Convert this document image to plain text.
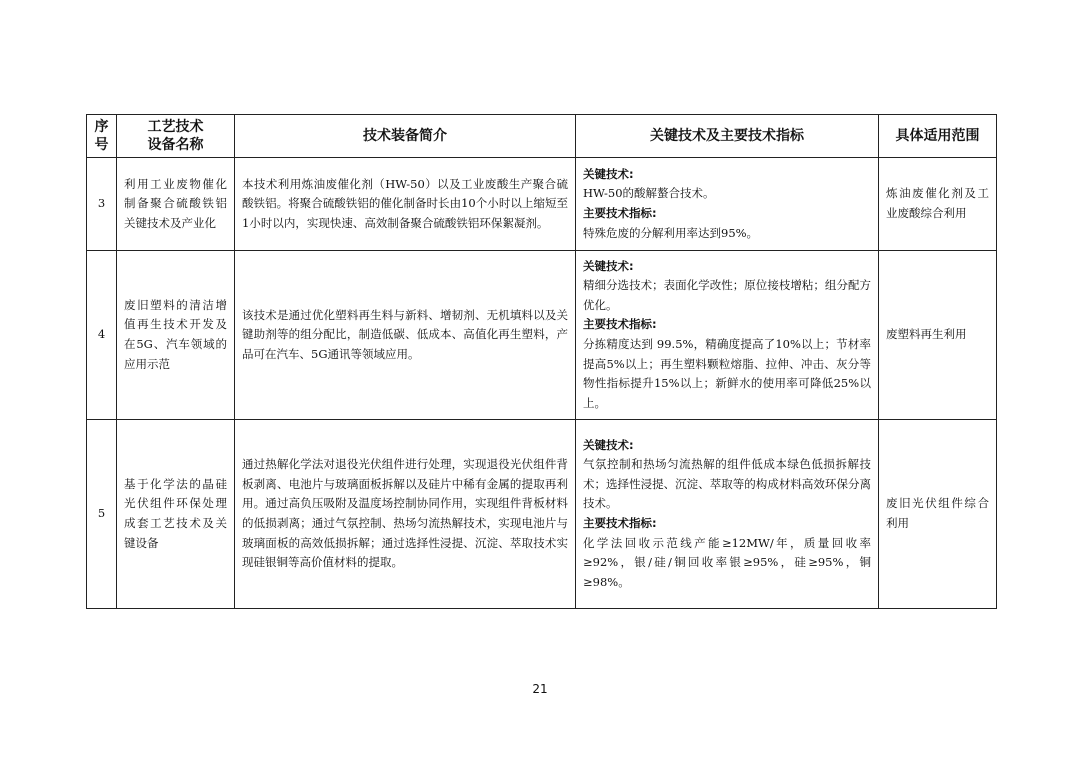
序
号	工艺技术
设备名称	技术装备简介	关键技术及主要技术指标	具体适用范围
3	利用工业废物催化制备聚合硫酸铁铝关键技术及产业化	本技术利用炼油废催化剂（HW-50）以及工业废酸生产聚合硫酸铁铝。将聚合硫酸铁铝的催化制备时长由10个小时以上缩短至1小时以内，实现快速、高效制备聚合硫酸铁铝环保絮凝剂。	关键技术:
HW-50的酸解螯合技术。
主要技术指标:
特殊危废的分解利用率达到95%。	炼油废催化剂及工业废酸综合利用
4	废旧塑料的清洁增值再生技术开发及在5G、汽车领域的应用示范	该技术是通过优化塑料再生料与新料、增韧剂、无机填料以及关键助剂等的组分配比，制造低碳、低成本、高值化再生塑料，产品可在汽车、5G通讯等领域应用。	关键技术:
精细分选技术；表面化学改性；原位接枝增粘；组分配方优化。
主要技术指标:
分拣精度达到 99.5%，精确度提高了10%以上；节材率提高5%以上；再生塑料颗粒熔脂、拉伸、冲击、灰分等物性指标提升15%以上；新鲜水的使用率可降低25%以上。	废塑料再生利用
5	基于化学法的晶硅光伏组件环保处理成套工艺技术及关键设备	通过热解化学法对退役光伏组件进行处理，实现退役光伏组件背板剥离、电池片与玻璃面板拆解以及硅片中稀有金属的提取再利用。通过高负压吸附及温度场控制协同作用，实现组件背板材料的低损剥离；通过气氛控制、热场匀流热解技术，实现电池片与玻璃面板的高效低损拆解；通过选择性浸提、沉淀、萃取技术实现硅银铜等高价值材料的提取。	关键技术:
气氛控制和热场匀流热解的组件低成本绿色低损拆解技术；选择性浸提、沉淀、萃取等的构成材料高效环保分离技术。
主要技术指标:
化学法回收示范线产能≥12MW/年，质量回收率≥92%，银/硅/铜回收率银≥95%，硅≥95%，铜≥98%。	废旧光伏组件综合利用
21
